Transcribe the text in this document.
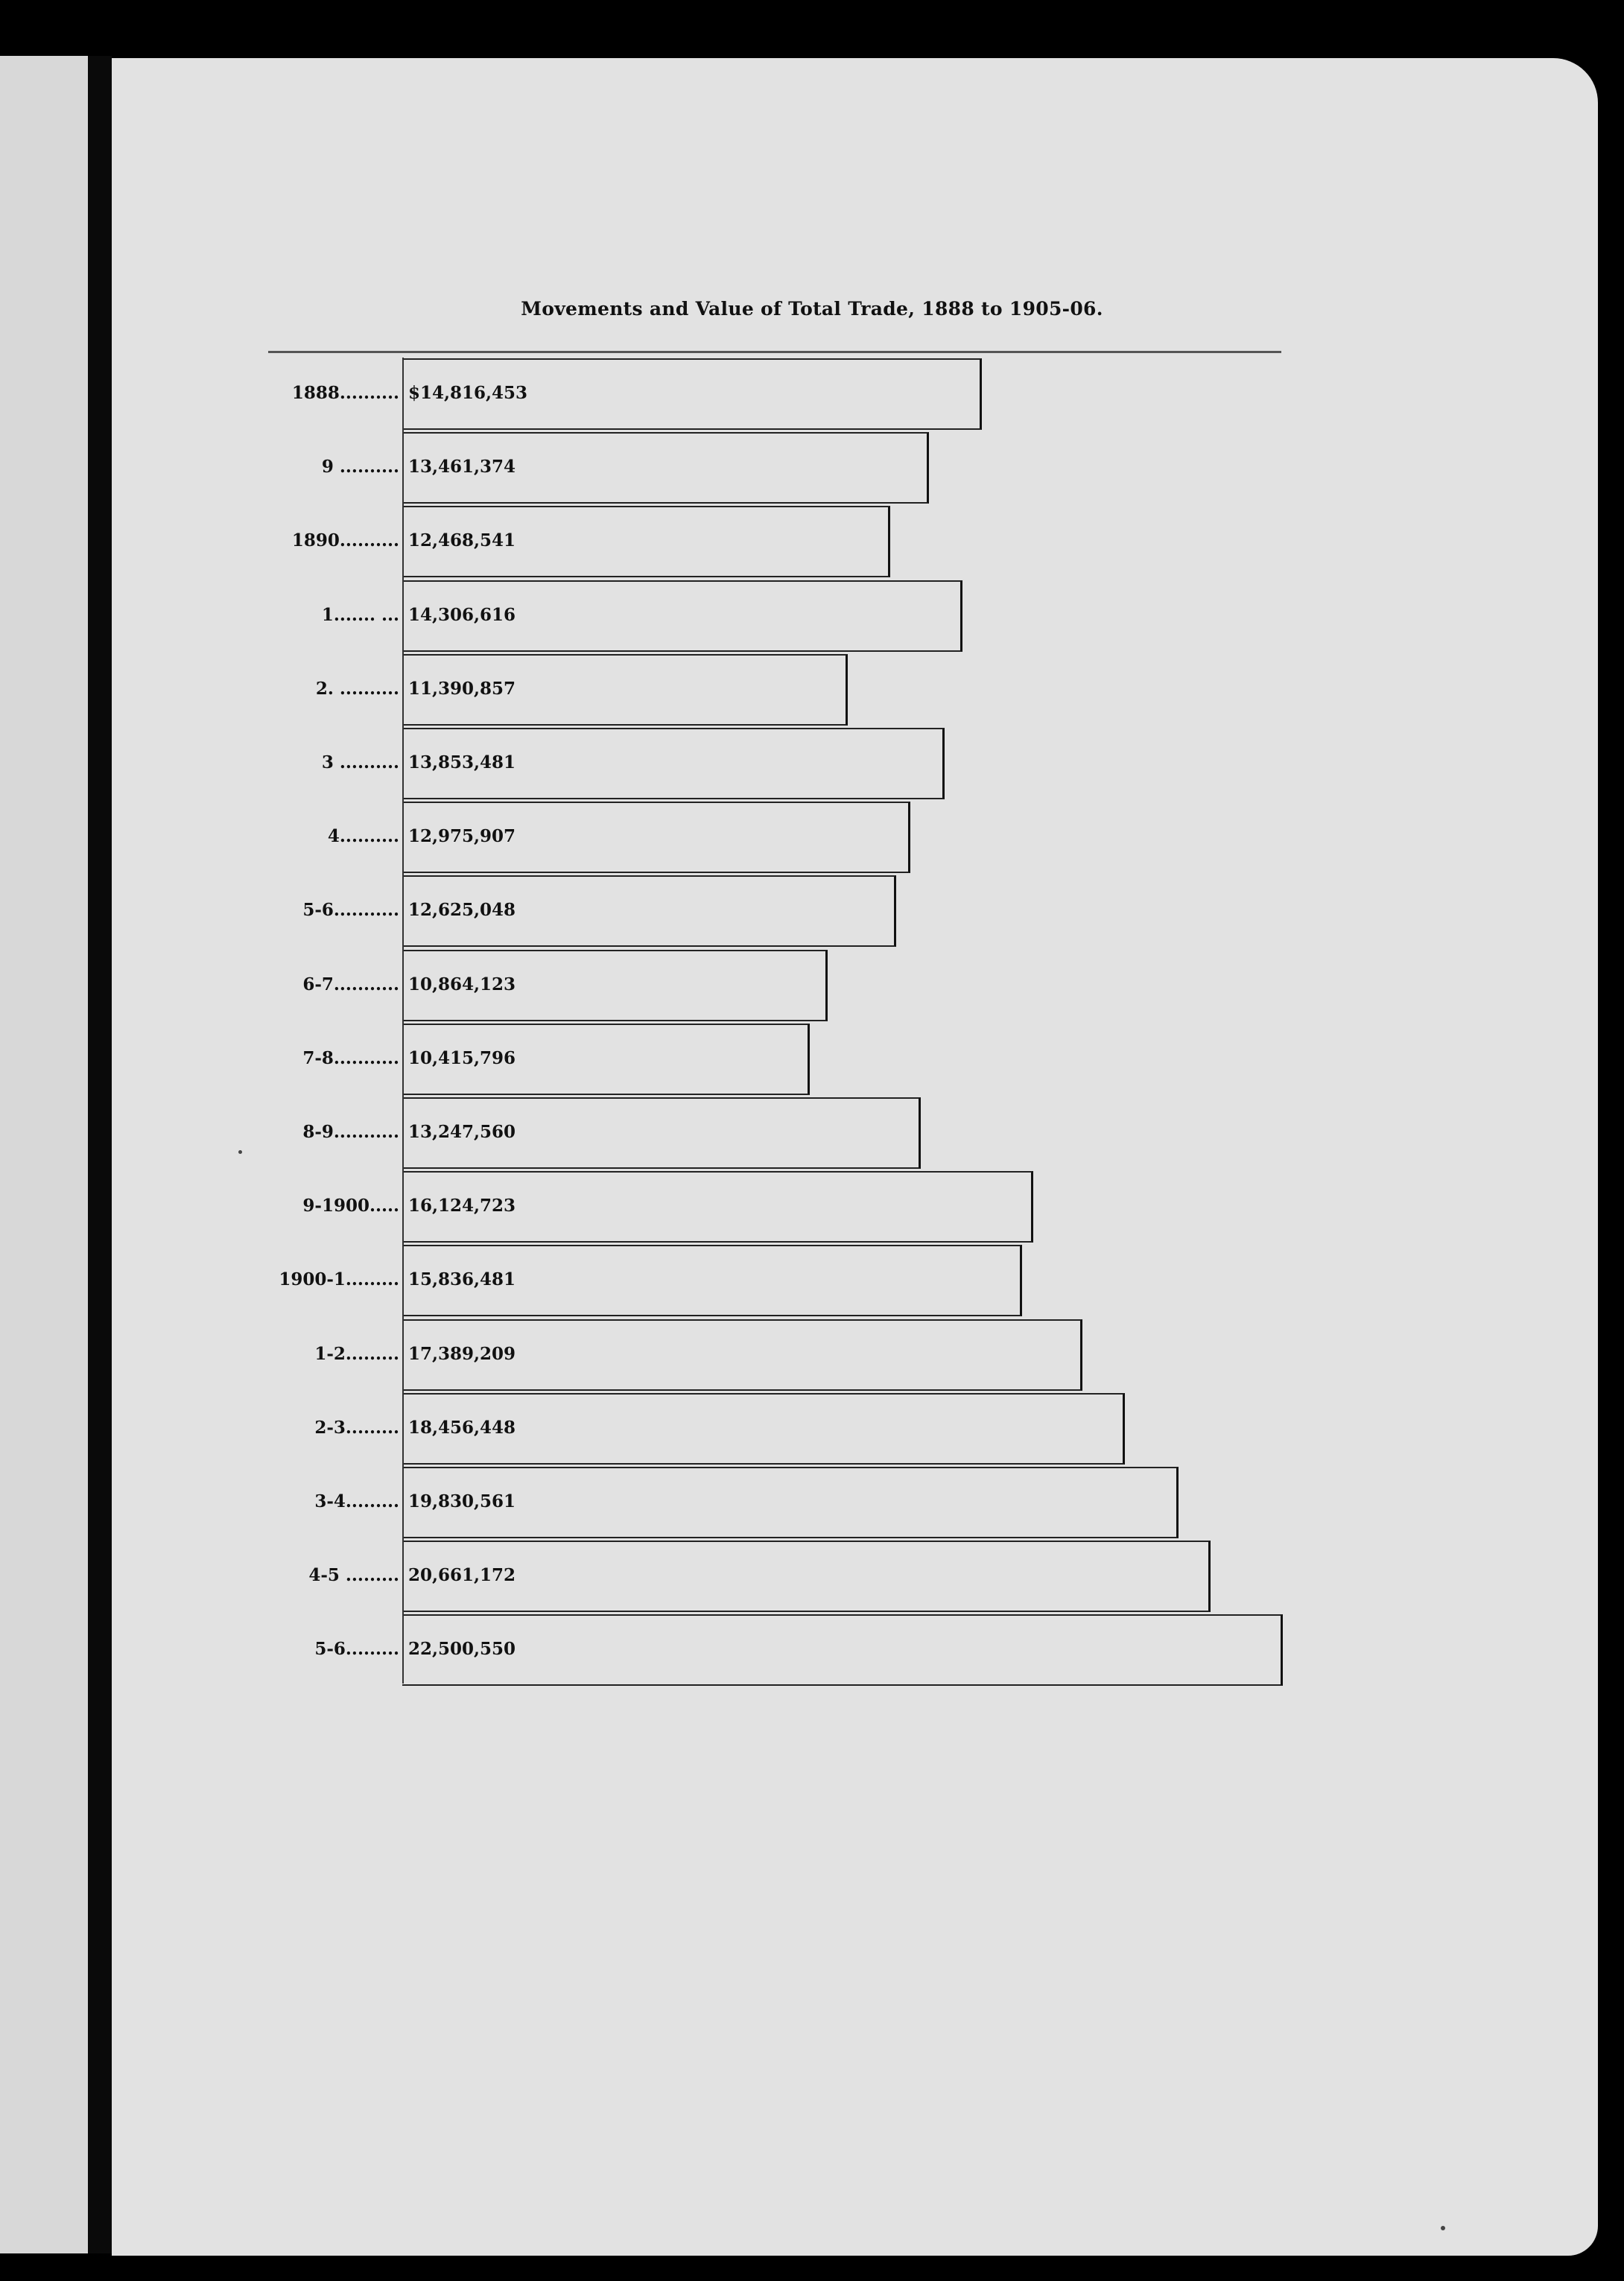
Movements and Value of Total Trade, 1888 to 1905-06.
1888.......... $14,816,453
9 .......... 13,461,374
1890.......... 12,468,541
1....... ... 14,306,616
2. .......... 11,390,857
3 .......... 13,853,481
4.......... 12,975,907
5-6........... 12,625,048
6-7........... 10,864,123
7-8........... 10,415,796
8-9........... 13,247,560
9-1900..... 16,124,723
1900-1......... 15,836,481
1-2......... 17,389,209
2-3......... 18,456,448
3-4......... 19,830,561
4-5 ......... 20,661,172
5-6......... 22,500,550
